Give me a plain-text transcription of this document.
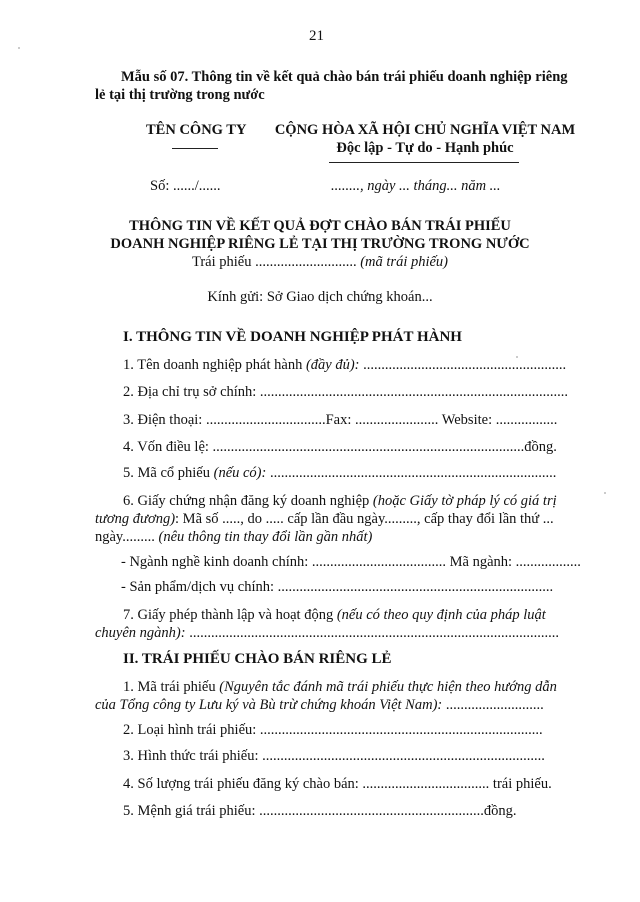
21
Mẫu số 07. Thông tin về kết quả chào bán trái phiếu doanh nghiệp riêng
lẻ tại thị trường trong nước
TÊN CÔNG TY CỘNG HÒA XÃ HỘI CHỦ NGHĨA VIỆT NAM
Độc lập - Tự do - Hạnh phúc
Số: ....../......	........, ngày ... tháng... năm ...
THÔNG TIN VỀ KẾT QUẢ ĐỢT CHÀO BÁN TRÁI PHIẾU
DOANH NGHIỆP RIÊNG LẺ TẠI THỊ TRƯỜNG TRONG NƯỚC
Trái phiếu ............................ (mã trái phiếu)
Kính gửi: Sở Giao dịch chứng khoán...
I. THÔNG TIN VỀ DOANH NGHIỆP PHÁT HÀNH
1. Tên doanh nghiệp phát hành (đầy đủ): ........................................................
2. Địa chỉ trụ sở chính: .....................................................................................
3. Điện thoại: .................................Fax: ....................... Website: .................
4. Vốn điều lệ: ......................................................................................đồng.
5. Mã cổ phiếu (nếu có): ...............................................................................
6. Giấy chứng nhận đăng ký doanh nghiệp (hoặc Giấy tờ pháp lý có giá trị
tương đương): Mã số ....., do ..... cấp lần đầu ngày........., cấp thay đổi lần thứ ...
ngày......... (nêu thông tin thay đổi lần gần nhất)
- Ngành nghề kinh doanh chính: ..................................... Mã ngành: ..................
- Sản phẩm/dịch vụ chính: ............................................................................
7. Giấy phép thành lập và hoạt động (nếu có theo quy định của pháp luật
chuyên ngành): ......................................................................................................
II. TRÁI PHIẾU CHÀO BÁN RIÊNG LẺ
1. Mã trái phiếu (Nguyên tắc đánh mã trái phiếu thực hiện theo hướng dẫn
của Tổng công ty Lưu ký và Bù trừ chứng khoán Việt Nam): ...........................
2. Loại hình trái phiếu: ..............................................................................
3. Hình thức trái phiếu: ..............................................................................
4. Số lượng trái phiếu đăng ký chào bán: ................................... trái phiếu.
5. Mệnh giá trái phiếu: ..............................................................đồng.
